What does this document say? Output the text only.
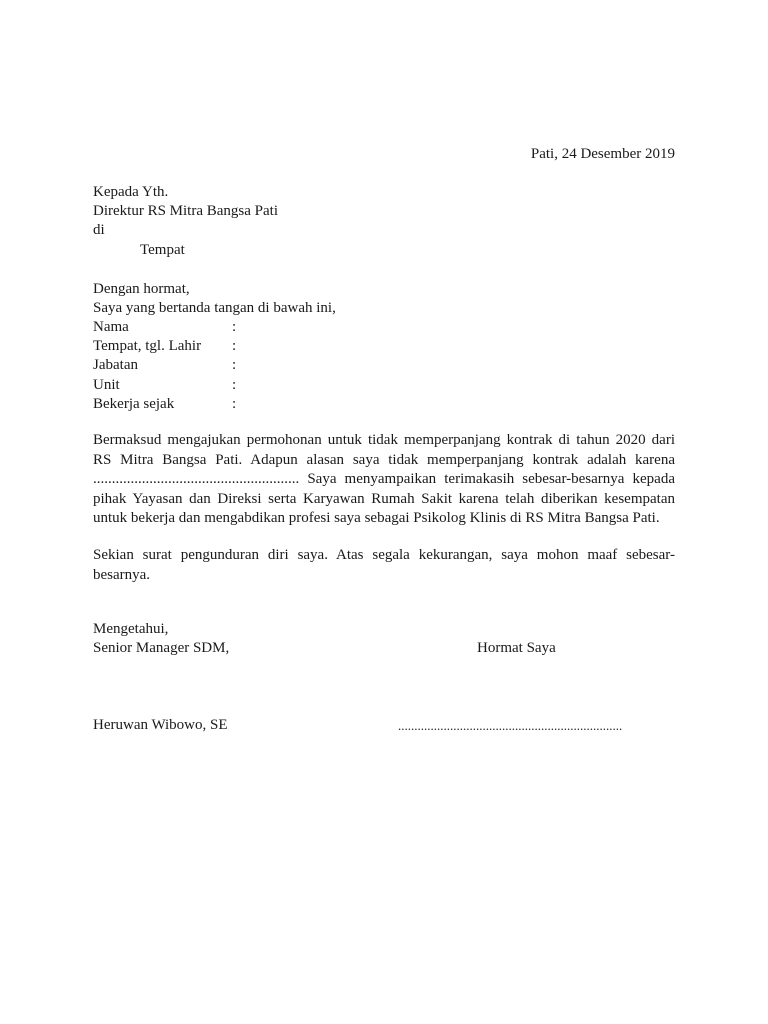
Pati, 24 Desember 2019
Kepada Yth.
Direktur RS Mitra Bangsa Pati
di
Tempat
Dengan hormat,
Saya yang bertanda tangan di bawah ini,
Nama	:
Tempat, tgl. Lahir :
Jabatan	:
Unit	:
Bekerja sejak	:
Bermaksud mengajukan permohonan untuk tidak memperpanjang kontrak di tahun 2020 dari
RS Mitra Bangsa Pati. Adapun alasan saya tidak memperpanjang kontrak adalah karena
....................................................... Saya menyampaikan terimakasih sebesar-besarnya kepada
pihak Yayasan dan Direksi serta Karyawan Rumah Sakit karena telah diberikan kesempatan
untuk bekerja dan mengabdikan profesi saya sebagai Psikolog Klinis di RS Mitra Bangsa Pati.
Sekian surat pengunduran diri saya. Atas segala kekurangan, saya mohon maaf sebesar-
besarnya.
Mengetahui,
Senior Manager SDM,	Hormat Saya
Heruwan Wibowo, SE	.....................................................................
